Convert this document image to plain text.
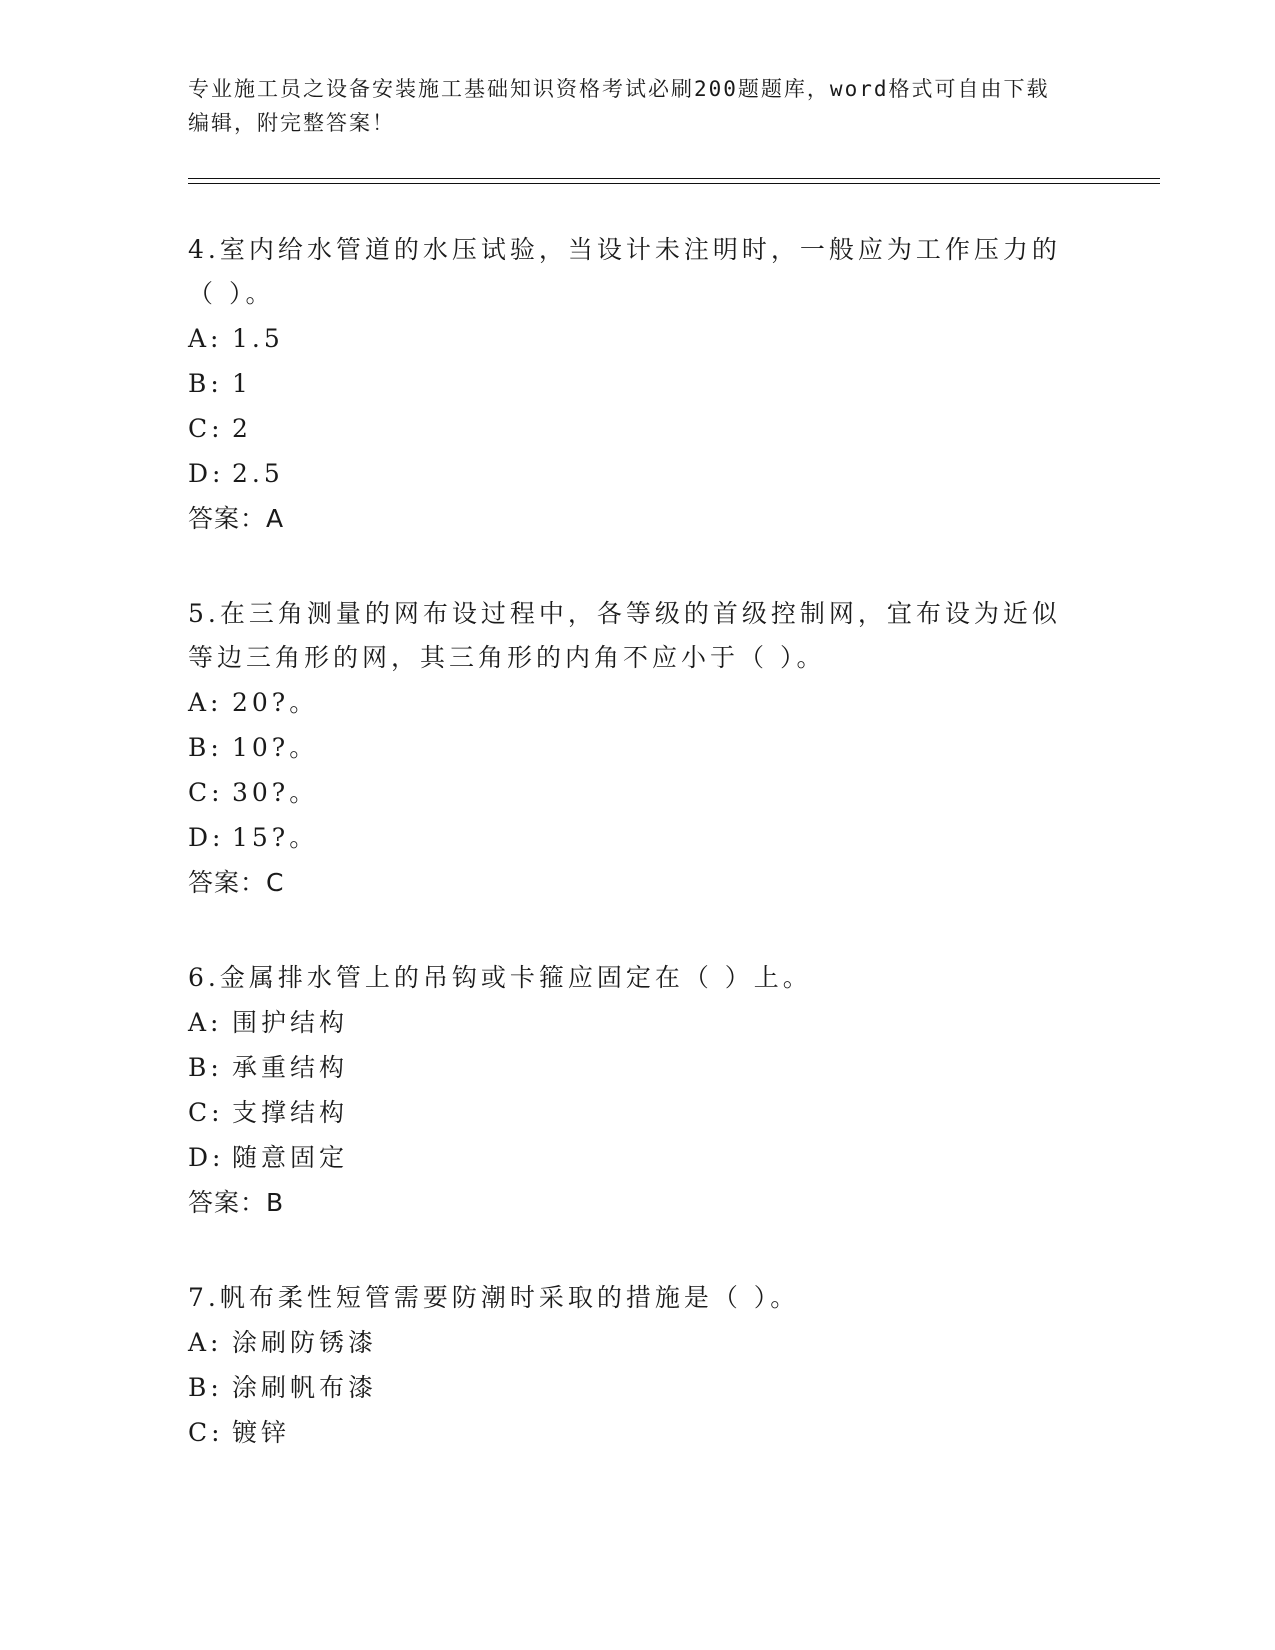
专业施工员之设备安装施工基础知识资格考试必刷200题题库，word格式可自由下载编辑，附完整答案！

4.室内给水管道的水压试验，当设计未注明时，一般应为工作压力的（ ）。

A: 1.5

B: 1

C: 2

D: 2.5

答案：A

5.在三角测量的网布设过程中，各等级的首级控制网，宜布设为近似等边三角形的网，其三角形的内角不应小于（ ）。

A: 20?。

B: 10?。

C: 30?。

D: 15?。

答案：C

6.金属排水管上的吊钩或卡箍应固定在（ ）上。

A: 围护结构

B: 承重结构

C: 支撑结构

D: 随意固定

答案：B

7.帆布柔性短管需要防潮时采取的措施是（ ）。

A: 涂刷防锈漆

B: 涂刷帆布漆

C: 镀锌
